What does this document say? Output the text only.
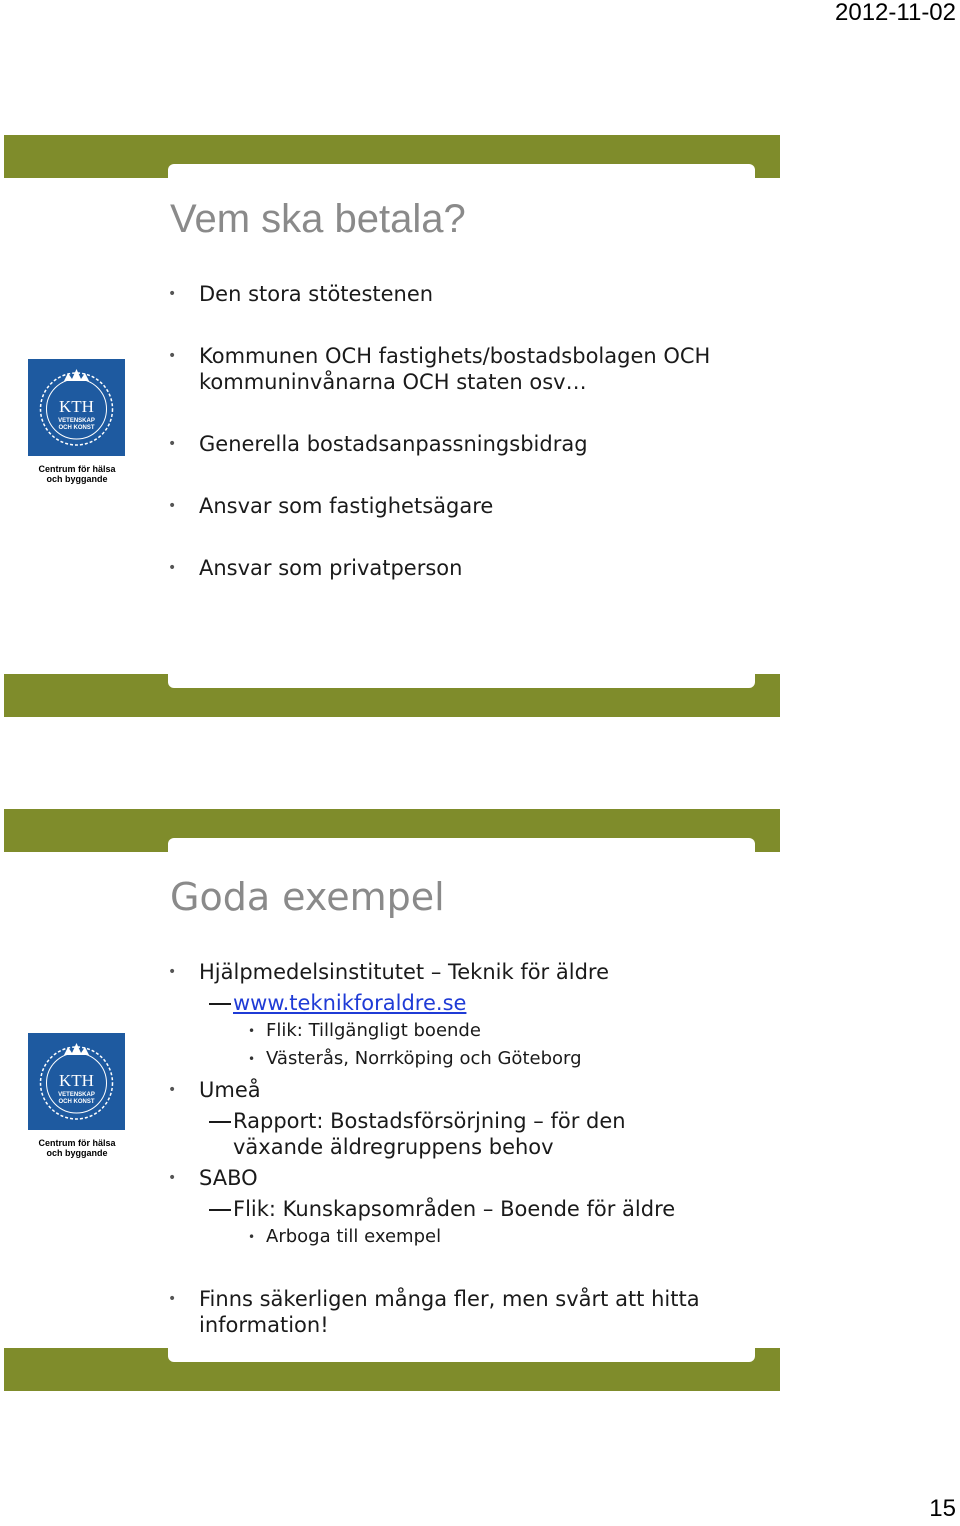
2012-11-02
KTH
VETENSKAP
OCH KONST
Centrum för hälsa
och byggande
Vem ska betala?
• Den stora stötestenen
• Kommunen OCH fastighets/bostadsbolagen OCH
kommuninvånarna OCH staten osv…
• Generella bostadsanpassningsbidrag
• Ansvar som fastighetsägare
• Ansvar som privatperson
KTH
VETENSKAP
OCH KONST
Centrum för hälsa
och byggande
Goda exempel
• Hjälpmedelsinstitutet – Teknik för äldre
www.teknikforaldre.se
• Flik: Tillgängligt boende
• Västerås, Norrköping och Göteborg
• Umeå
Rapport: Bostadsförsörjning – för den
växande äldregruppens behov
• SABO
Flik: Kunskapsområden – Boende för äldre
• Arboga till exempel
• Finns säkerligen många fler, men svårt att hitta
information!
15
